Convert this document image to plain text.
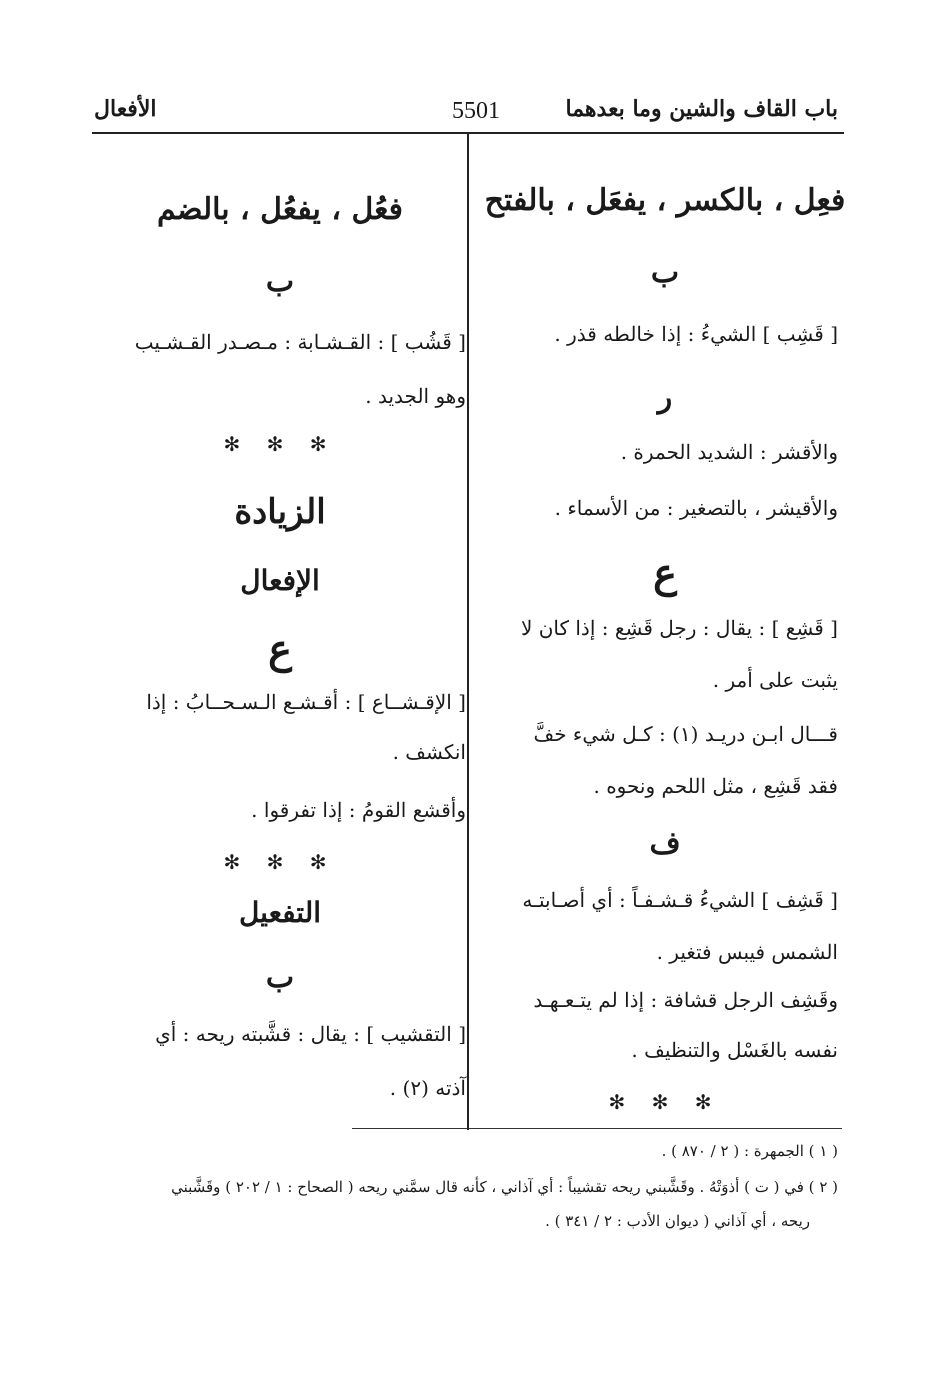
باب القاف والشين وما بعدهما
5501
الأفعال
فعِل ، بالكسر ، يفعَل ، بالفتح
ب
[ قَشِب ] الشيءُ : إذا خالطه قذر .
ر
والأقشر : الشديد الحمرة .
والأقيشر ، بالتصغير : من الأسماء .
ع
[ قَشِع ] : يقال : رجل قَشِع : إذا كان لا
يثبت على أمر .
قـــال ابـن دريـد (١) : كـل شيء خفَّ
فقد قَشِع ، مثل اللحم ونحوه .
ف
[ قَشِف ] الشيءُ قـشـفـاً : أي أصـابتـه
الشمس فيبس فتغير .
وقَشِف الرجل قشافة : إذا لم يتـعـهـد
نفسه بالغَسْل والتنظيف .
✻ ✻ ✻
فعُل ، يفعُل ، بالضم
ب
[ قَشُب ] : القـشـابة : مـصـدر القـشـيب
وهو الجديد .
✻ ✻ ✻
الزيادة
الإفعال
ع
[ الإقـشــاع ] : أقـشـع الـسـحــابُ : إذا
انكشف .
وأقشع القومُ : إذا تفرقوا .
✻ ✻ ✻
التفعيل
ب
[ التقشيب ] : يقال : قشَّبته ريحه : أي
آذته (٢) .
( ١ ) الجمهرة : ( ٢ / ٨٧٠ ) .
( ٢ ) في ( ت ) أذوَتْهُ . وقَشَّبني ريحه تقشيباً : أي آذاني ، كأنه قال سمَّني ريحه ( الصحاح : ١ / ٢٠٢ ) وقَشَّبني
ريحه ، أي آذاني ( ديوان الأدب : ٢ / ٣٤١ ) .
